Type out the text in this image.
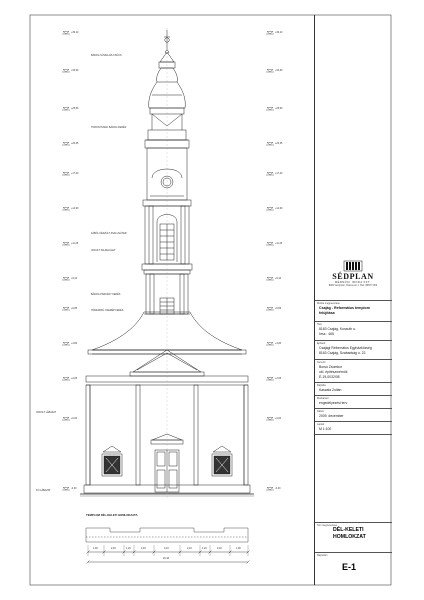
+39,10	+39,10
+33,60	+33,60
+25,50	+25,50
+20,35	+20,35
+17,40	+17,40
+14,60	+14,60
+11,45	+11,45
+9,10	+9,10
+6,85	+6,85
+4,80	+4,80
+2,65	+2,65
+0,00	+0,00
-0,30	-0,30
1,90	2,40	1,20	2,40	3,10	2,40	1,20	2,40	1,90
20,18
BÁDOG SÜVEG ÉS CSÚCS
TORONYSISAK BÁDOG FEDÉS
FÁBÓL KÉSZÜLT ZSALUGÁTER
VAKOLT FALFELÜLET
BÁDOG PÁRKÁNY FEDÉS
HÓDFARKÚ CSERÉP FEDÉS
VAKOLT LÁBAZAT
KŐ LÁBAZAT
TEMPLOM DÉL-KELETI HOMLOKZATA
Munka megnevezése
Csajág - Református templom
felújítása
Hely
8163 Csajág, Kossuth u.
hrsz.: 465
Építtető
Csajági Református Egyházközség
8163 Csajág, Szabadság u. 22.
Tervező
Borsu Zsombor
okl. építészmérnök
É-19-0032/08
Rajzolta
Kaszala Zoltán
Munkarész
engedélyezési terv
Dátum
2009. december
Lépték
M 1:100
Terv megnevezése
Rajzszám
DÉL-KELETI
HOMLOKZAT
E-1
SÉDPLAN
MÉRNÖKI IRODA KFT.
8000 Veszprém, Óváros tér 1. TEL: 88/577-000
